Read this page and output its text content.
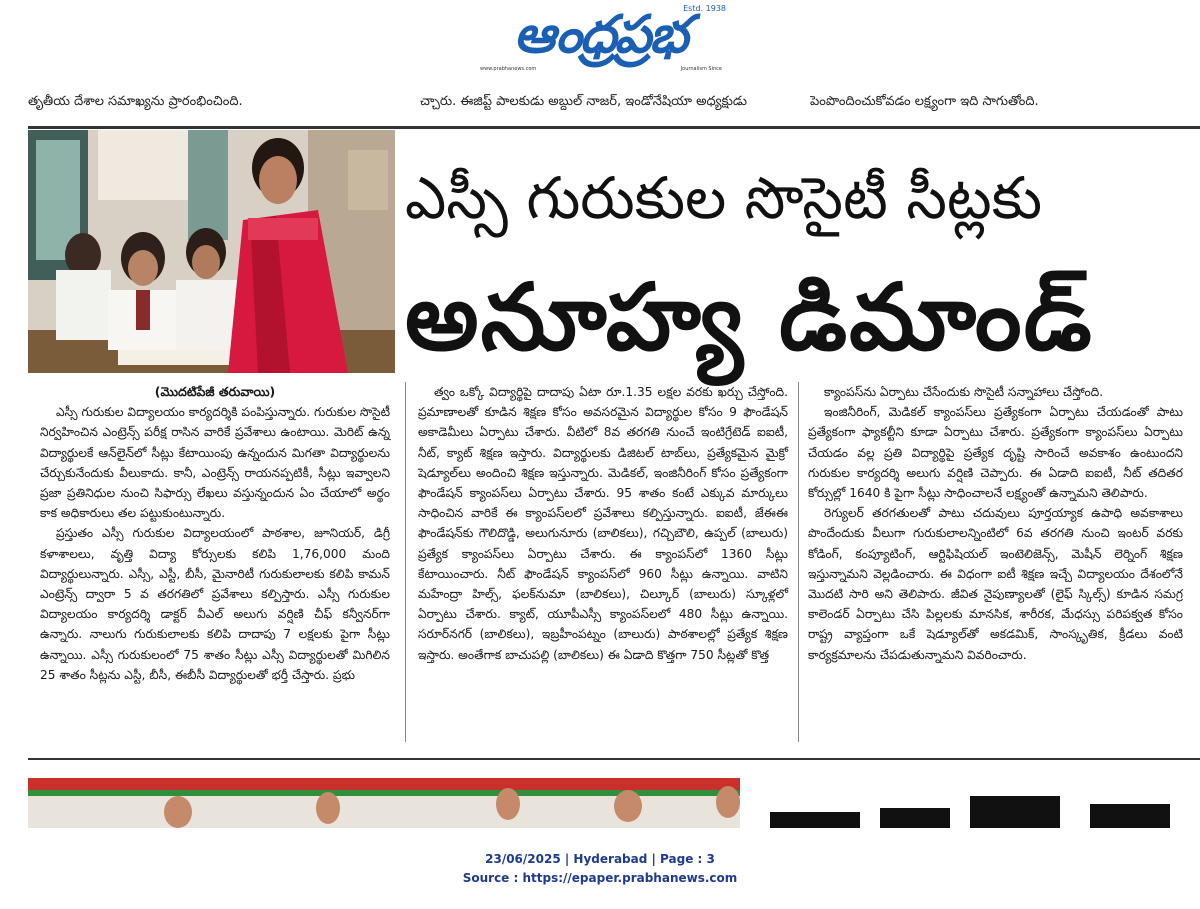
ఆంధ్రప్రభ
Estd. 1938
www.prabhanews.com	Journalism Since
తృతీయ దేశాల సమాఖ్యను ప్రారంభించింది.	చ్చారు. ఈజిప్ట్ పాలకుడు అబ్దుల్ నాజర్, ఇండోనేషియా అధ్యక్షుడు	పెంపొందించుకోవడం లక్ష్యంగా ఇది సాగుతోంది.
ఎస్సీ గురుకుల సొసైటీ సీట్లకు
అనూహ్య డిమాండ్

(మొదటిపేజీ తరువాయి)

ఎస్సీ గురుకుల విద్యాలయం కార్యదర్శికి పంపిస్తున్నారు. గురుకుల సొసైటీ నిర్వహించిన ఎంట్రెన్స్ పరీక్ష రాసిన వారికే ప్రవేశాలు ఉంటాయి. మెరిట్ ఉన్న విద్యార్థులకే ఆన్‌లైన్‌లో సీట్లు కేటాయింపు ఉన్నందున మిగతా విద్యార్థులను చేర్చుకునేందుకు వీలుకాదు. కానీ, ఎంట్రెన్స్ రాయనప్పటికీ, సీట్లు ఇవ్వాలని ప్రజా ప్రతినిధుల నుంచి సిఫార్సు లేఖలు వస్తున్నందున ఏం చేయాలో అర్థం కాక అధికారులు తల పట్టుకుంటున్నారు.

ప్రస్తుతం ఎస్సీ గురుకుల విద్యాలయంలో పాఠశాల, జూనియర్, డిగ్రీ కళాశాలలు, వృత్తి విద్యా కోర్సులకు కలిపి 1,76,000 మంది విద్యార్థులున్నారు. ఎస్సీ, ఎస్టీ, బీసీ, మైనారిటీ గురుకులాలకు కలిపి కామన్ ఎంట్రెన్స్ ద్వారా 5 వ తరగతిలో ప్రవేశాలు కల్పిస్తారు. ఎస్సీ గురుకుల విద్యాలయం కార్యదర్శి డాక్టర్ వీఎల్ అలుగు వర్షిణి చీఫ్ కన్వీనర్‌గా ఉన్నారు. నాలుగు గురుకులాలకు కలిపి దాదాపు 7 లక్షలకు పైగా సీట్లు ఉన్నాయి. ఎస్సీ గురుకులంలో 75 శాతం సీట్లు ఎస్సీ విద్యార్థులతో మిగిలిన 25 శాతం సీట్లను ఎస్టీ, బీసీ, ఈబీసీ విద్యార్థులతో భర్తీ చేస్తారు. ప్రభు

త్వం ఒక్కో విద్యార్థిపై దాదాపు ఏటా రూ.1.35 లక్షల వరకు ఖర్చు చేస్తోంది. ప్రమాణాలతో కూడిన శిక్షణ కోసం అవసరమైన విద్యార్థుల కోసం 9 ఫౌండేషన్ అకాడెమీలు ఏర్పాటు చేశారు. వీటిలో 8వ తరగతి నుంచే ఇంటిగ్రేటెడ్ ఐఐటీ, నీట్, క్యాట్ శిక్షణ ఇస్తారు. విద్యార్థులకు డిజిటల్ టాబ్‌లు, ప్రత్యేకమైన మైక్రో షెడ్యూల్‌లు అందించి శిక్షణ ఇస్తున్నారు. మెడికల్, ఇంజినీరింగ్ కోసం ప్రత్యేకంగా ఫౌండేషన్ క్యాంపస్‌లు ఏర్పాటు చేశారు. 95 శాతం కంటే ఎక్కువ మార్కులు సాధించిన వారికే ఈ క్యాంపస్‌లలో ప్రవేశాలు కల్పిస్తున్నారు. ఐఐటీ, జేఈఈ ఫౌండేషన్‌కు గౌలిదొడ్డి, అలుగునూరు (బాలికలు), గచ్చిబౌలి, ఉప్పల్ (బాలురు) ప్రత్యేక క్యాంపస్‌లు ఏర్పాటు చేశారు. ఈ క్యాంపస్‌లో 1360 సీట్లు కేటాయించారు. నీట్ ఫౌండేషన్ క్యాంపస్‌లో 960 సీట్లు ఉన్నాయి. వాటిని మహేంద్రా హిల్స్, ఫలక్‌నుమా (బాలికలు), చిల్కూర్ (బాలురు) స్కూళ్లలో ఏర్పాటు చేశారు. క్యాట్, యూపీఎస్సీ క్యాంపస్‌లలో 480 సీట్లు ఉన్నాయి. సరూర్‌నగర్ (బాలికలు), ఇబ్రహీంపట్నం (బాలురు) పాఠశాలల్లో ప్రత్యేక శిక్షణ ఇస్తారు. అంతేగాక బాచుపల్లి (బాలికలు) ఈ ఏడాది కొత్తగా 750 సీట్లతో కొత్త

క్యాంపస్‌ను ఏర్పాటు చేసేందుకు సొసైటీ సన్నాహాలు చేస్తోంది.

ఇంజినీరింగ్, మెడికల్ క్యాంపస్‌లు ప్రత్యేకంగా ఏర్పాటు చేయడంతో పాటు ప్రత్యేకంగా ఫ్యాకల్టీని కూడా ఏర్పాటు చేశారు. ప్రత్యేకంగా క్యాంపస్‌లు ఏర్పాటు చేయడం వల్ల ప్రతి విద్యార్థిపై ప్రత్యేక దృష్టి సారించే అవకాశం ఉంటుందని గురుకుల కార్యదర్శి అలుగు వర్షిణి చెప్పారు. ఈ ఏడాది ఐఐటీ, నీట్ తదితర కోర్సుల్లో 1640 కి పైగా సీట్లు సాధించాలనే లక్ష్యంతో ఉన్నామని తెలిపారు.

రెగ్యులర్ తరగతులతో పాటు చదువులు పూర్తయ్యాక ఉపాధి అవకాశాలు పొందేందుకు వీలుగా గురుకులాలన్నింటిలో 6వ తరగతి నుంచి ఇంటర్ వరకు కోడింగ్, కంప్యూటింగ్, ఆర్టిఫిషియల్ ఇంటెలిజెన్స్, మెషీన్ లెర్నింగ్ శిక్షణ ఇస్తున్నామని వెల్లడించారు. ఈ విధంగా ఐటీ శిక్షణ ఇచ్చే విద్యాలయం దేశంలోనే మొదటి సారి అని తెలిపారు. జీవిత నైపుణ్యాలతో (లైఫ్ స్కిల్స్) కూడిన సమగ్ర కాలెండర్ ఏర్పాటు చేసి పిల్లలకు మానసిక, శారీరక, మేధస్సు పరిపక్వత కోసం రాష్ట్ర వ్యాప్తంగా ఒకే షెడ్యూల్‌తో అకడమిక్, సాంస్కృతిక, క్రీడలు వంటి కార్యక్రమాలను చేపడుతున్నామని వివరించారు.

23/06/2025 | Hyderabad | Page : 3
Source : https://epaper.prabhanews.com
